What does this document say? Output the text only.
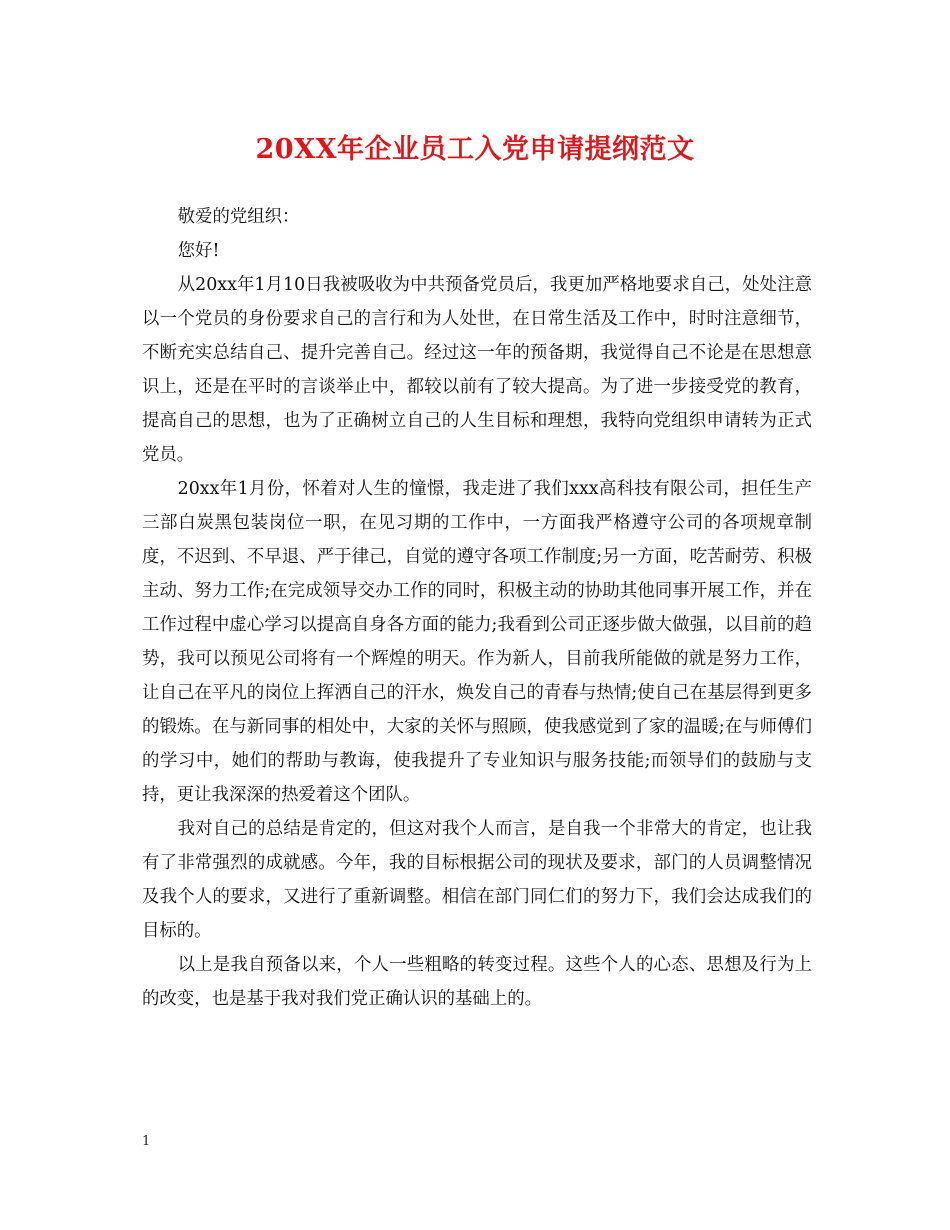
20XX年企业员工入党申请提纲范文

敬爱的党组织：

您好!

从20xx年1月10日我被吸收为中共预备党员后，我更加严格地要求自己，处处注意以一个党员的身份要求自己的言行和为人处世，在日常生活及工作中，时时注意细节，不断充实总结自己、提升完善自己。经过这一年的预备期，我觉得自己不论是在思想意识上，还是在平时的言谈举止中，都较以前有了较大提高。为了进一步接受党的教育，提高自己的思想，也为了正确树立自己的人生目标和理想，我特向党组织申请转为正式党员。

20xx年1月份，怀着对人生的憧憬，我走进了我们xxx高科技有限公司，担任生产三部白炭黑包装岗位一职，在见习期的工作中，一方面我严格遵守公司的各项规章制度，不迟到、不早退、严于律己，自觉的遵守各项工作制度;另一方面，吃苦耐劳、积极主动、努力工作;在完成领导交办工作的同时，积极主动的协助其他同事开展工作，并在工作过程中虚心学习以提高自身各方面的能力;我看到公司正逐步做大做强，以目前的趋势，我可以预见公司将有一个辉煌的明天。作为新人，目前我所能做的就是努力工作，让自己在平凡的岗位上挥洒自己的汗水，焕发自己的青春与热情;使自己在基层得到更多的锻炼。在与新同事的相处中，大家的关怀与照顾，使我感觉到了家的温暖;在与师傅们的学习中，她们的帮助与教诲，使我提升了专业知识与服务技能;而领导们的鼓励与支持，更让我深深的热爱着这个团队。

我对自己的总结是肯定的，但这对我个人而言，是自我一个非常大的肯定，也让我有了非常强烈的成就感。今年，我的目标根据公司的现状及要求，部门的人员调整情况及我个人的要求，又进行了重新调整。相信在部门同仁们的努力下，我们会达成我们的目标的。

以上是我自预备以来，个人一些粗略的转变过程。这些个人的心态、思想及行为上的改变，也是基于我对我们党正确认识的基础上的。

1
